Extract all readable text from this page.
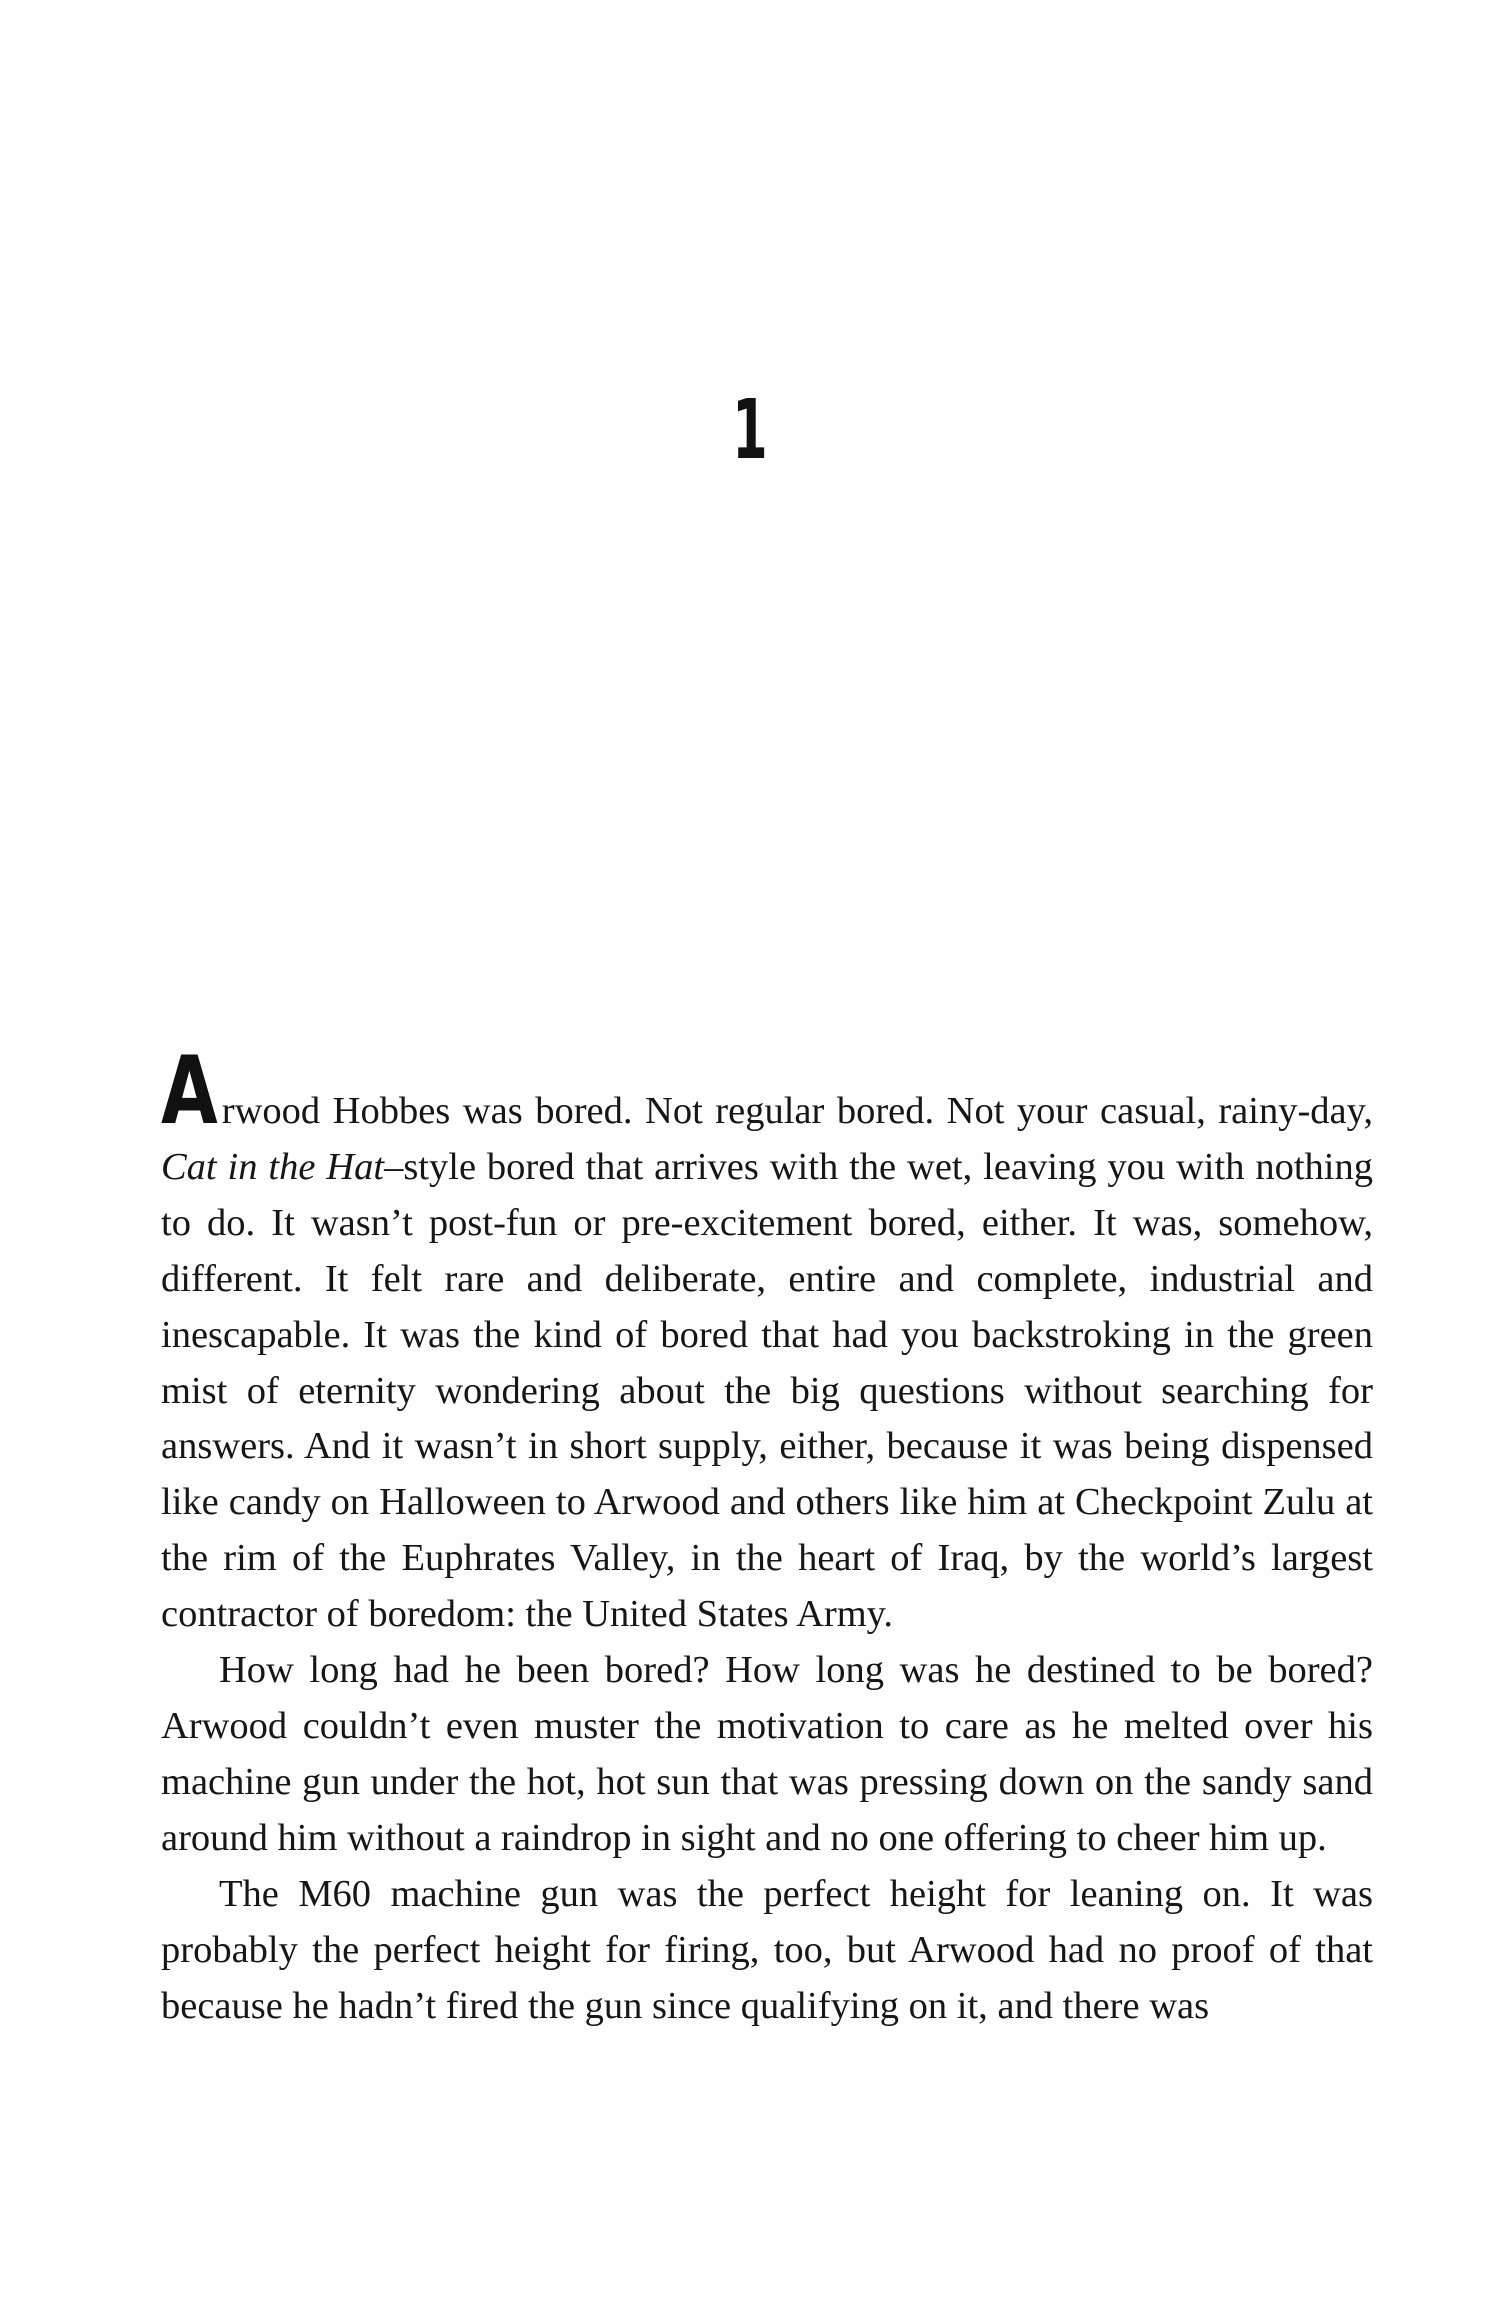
1

Arwood Hobbes was bored. Not regular bored. Not your casual, rainy-day, Cat in the Hat–style bored that arrives with the wet, leaving you with nothing to do. It wasn’t post-fun or pre-excitement bored, either. It was, somehow, different. It felt rare and deliberate, entire and complete, industrial and inescapable. It was the kind of bored that had you backstroking in the green mist of eternity wondering about the big questions without searching for answers. And it wasn’t in short supply, either, because it was being dispensed like candy on Halloween to Arwood and others like him at Checkpoint Zulu at the rim of the Euphrates Valley, in the heart of Iraq, by the world’s largest contractor of boredom: the United States Army.

How long had he been bored? How long was he destined to be bored? Arwood couldn’t even muster the motivation to care as he melted over his machine gun under the hot, hot sun that was pressing down on the sandy sand around him without a raindrop in sight and no one offering to cheer him up.

The M60 machine gun was the perfect height for leaning on. It was probably the perfect height for firing, too, but Arwood had no proof of that because he hadn’t fired the gun since qualifying on it, and there was
